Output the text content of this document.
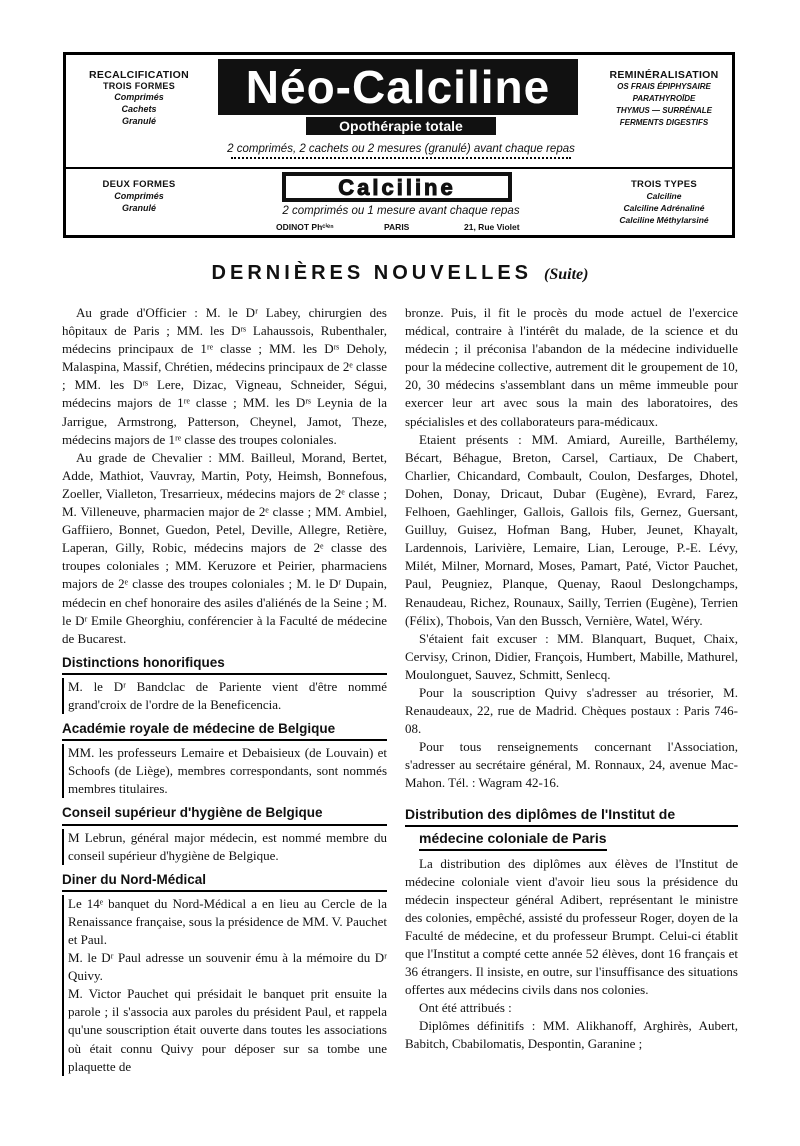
RECALCIFICATION
TROIS FORMES
Comprimés
Cachets
Granulé
Néo-Calciline
Opothérapie totale
2 comprimés, 2 cachets ou 2 mesures (granulé) avant chaque repas
REMINÉRALISATION
OS FRAIS ÉPIPHYSAIRE
PARATHYROÏDE
THYMUS — SURRÉNALE
FERMENTS DIGESTIFS
DEUX FORMES
Comprimés
Granulé
Calciline
2 comprimés ou 1 mesure avant chaque repas
ODINOT Phᶜⁱᵉⁿ	PARIS	21, Rue Violet
TROIS TYPES
Calciline
Calciline Adrénaliné
Calciline Méthylarsiné
DERNIÈRES NOUVELLES (Suite)

Au grade d'Officier : M. le Dʳ Labey, chirurgien des hôpitaux de Paris ; MM. les Dʳˢ Lahaussois, Rubenthaler, médecins principaux de 1ʳᵉ classe ; MM. les Dʳˢ Deholy, Malaspina, Massif, Chrétien, médecins principaux de 2ᵉ classe ; MM. les Dʳˢ Lere, Dizac, Vigneau, Schneider, Ségui, médecins majors de 1ʳᵉ classe ; MM. les Dʳˢ Leynia de la Jarrigue, Armstrong, Patterson, Cheynel, Jamot, Theze, médecins majors de 1ʳᵉ classe des troupes coloniales.

Au grade de Chevalier : MM. Bailleul, Morand, Bertet, Adde, Mathiot, Vauvray, Martin, Poty, Heimsh, Bonnefous, Zoeller, Vialleton, Tresarrieux, médecins majors de 2ᵉ classe ; M. Villeneuve, pharmacien major de 2ᵉ classe ; MM. Ambiel, Gaffiiero, Bonnet, Guedon, Petel, Deville, Allegre, Retière, Laperan, Gilly, Robic, médecins majors de 2ᵉ classe des troupes coloniales ; MM. Keruzore et Peirier, pharmaciens majors de 2ᵉ classe des troupes coloniales ; M. le Dʳ Dupain, médecin en chef honoraire des asiles d'aliénés de la Seine ; M. le Dʳ Emile Gheorghiu, conférencier à la Faculté de médecine de Bucarest.

Distinctions honorifiques

M. le Dʳ Bandclac de Pariente vient d'être nommé grand'croix de l'ordre de la Beneficencia.

Académie royale de médecine de Belgique

MM. les professeurs Lemaire et Debaisieux (de Louvain) et Schoofs (de Liège), membres correspondants, sont nommés membres titulaires.

Conseil supérieur d'hygiène de Belgique

M Lebrun, général major médecin, est nommé membre du conseil supérieur d'hygiène de Belgique.

Diner du Nord-Médical

Le 14ᵉ banquet du Nord-Médical a en lieu au Cercle de la Renaissance française, sous la présidence de MM. V. Pauchet et Paul.

M. le Dʳ Paul adresse un souvenir ému à la mémoire du Dʳ Quivy.

M. Victor Pauchet qui présidait le banquet prit ensuite la parole ; il s'associa aux paroles du président Paul, et rappela qu'une souscription était ouverte dans toutes les associations où était connu Quivy pour déposer sur sa tombe une plaquette de

bronze. Puis, il fit le procès du mode actuel de l'exercice médical, contraire à l'intérêt du malade, de la science et du médecin ; il préconisa l'abandon de la médecine individuelle pour la médecine collective, autrement dit le groupement de 10, 20, 30 médecins s'assemblant dans un même immeuble pour exercer leur art avec sous la main des laboratoires, des spécialisles et des collaborateurs para-médicaux.

Etaient présents : MM. Amiard, Aureille, Barthélemy, Bécart, Béhague, Breton, Carsel, Cartiaux, De Chabert, Charlier, Chicandard, Combault, Coulon, Desfarges, Dhotel, Dohen, Donay, Dricaut, Dubar (Eugène), Evrard, Farez, Felhoen, Gaehlinger, Gallois, Gallois fils, Gernez, Guersant, Guilluy, Guisez, Hofman Bang, Huber, Jeunet, Khayalt, Lardennois, Larivière, Lemaire, Lian, Lerouge, P.-E. Lévy, Milét, Milner, Mornard, Moses, Pamart, Paté, Victor Pauchet, Paul, Peugniez, Planque, Quenay, Raoul Deslongchamps, Renaudeau, Richez, Rounaux, Sailly, Terrien (Eugène), Terrien (Félix), Thobois, Van den Bussch, Vernière, Watel, Wéry.

S'étaient fait excuser : MM. Blanquart, Buquet, Chaix, Cervisy, Crinon, Didier, François, Humbert, Mabille, Mathurel, Moulonguet, Sauvez, Schmitt, Senlecq.

Pour la souscription Quivy s'adresser au trésorier, M. Renaudeaux, 22, rue de Madrid. Chèques postaux : Paris 746-08.

Pour tous renseignements concernant l'Association, s'adresser au secrétaire général, M. Ronnaux, 24, avenue Mac-Mahon. Tél. : Wagram 42-16.

Distribution des diplômes de l'Institut de
médecine coloniale de Paris

La distribution des diplômes aux élèves de l'Institut de médecine coloniale vient d'avoir lieu sous la présidence du médecin inspecteur général Adibert, représentant le ministre des colonies, empêché, assisté du professeur Roger, doyen de la Faculté de médecine, et du professeur Brumpt. Celui-ci établit que l'Institut a compté cette année 52 élèves, dont 16 français et 36 étrangers. Il insiste, en outre, sur l'insuffisance des situations offertes aux médecins civils dans nos colonies.

Ont été attribués :

Diplômes définitifs : MM. Alikhanoff, Arghirès, Aubert, Babitch, Cbabilomatis, Despontin, Garanine ;
